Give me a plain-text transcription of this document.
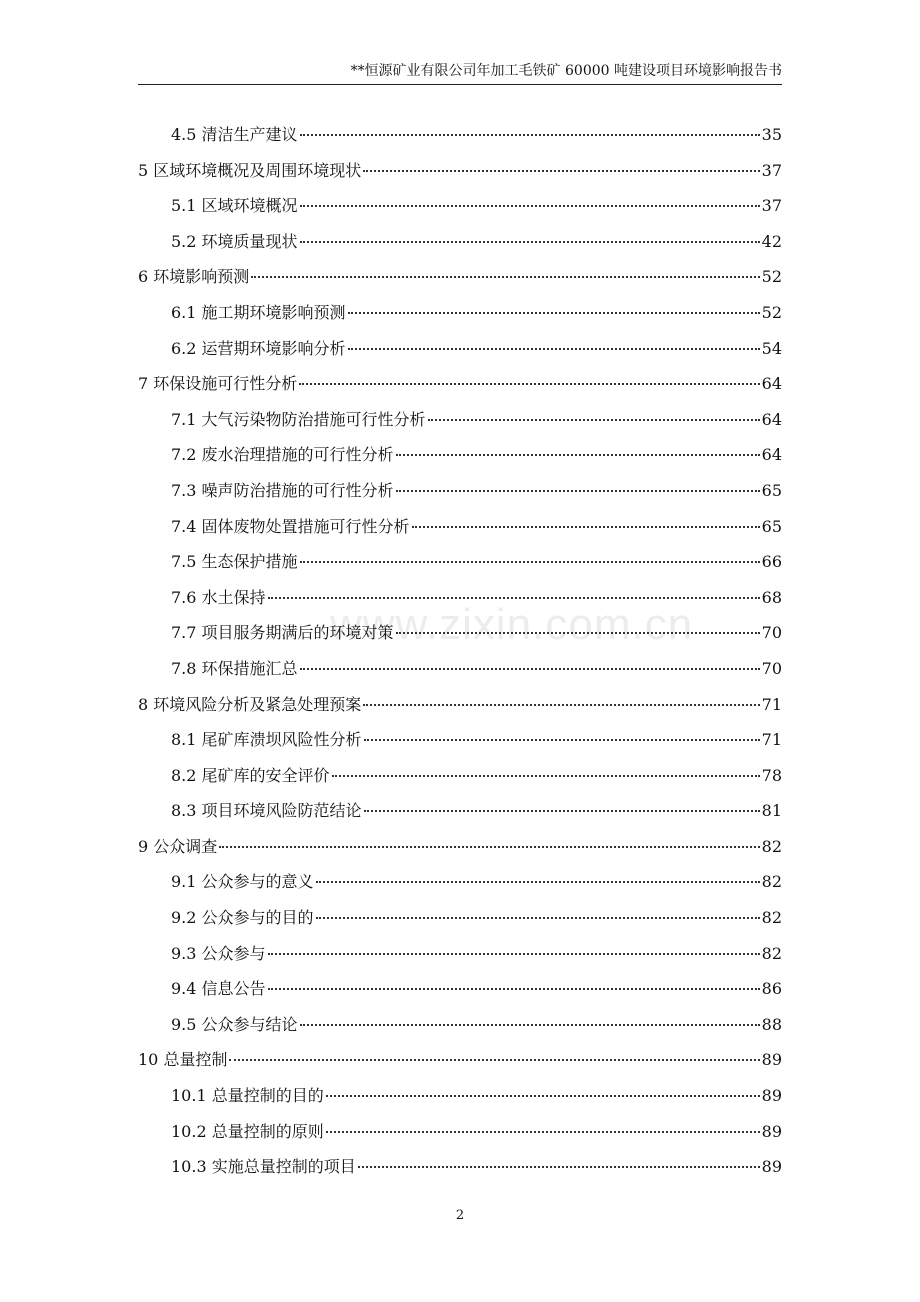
**恒源矿业有限公司年加工毛铁矿 60000 吨建设项目环境影响报告书
www.zixin.com.cn
4.5 清洁生产建议	35
5 区域环境概况及周围环境现状	37
5.1 区域环境概况	37
5.2 环境质量现状	42
6 环境影响预测	52
6.1 施工期环境影响预测	52
6.2 运营期环境影响分析	54
7 环保设施可行性分析	64
7.1 大气污染物防治措施可行性分析	64
7.2 废水治理措施的可行性分析	64
7.3 噪声防治措施的可行性分析	65
7.4 固体废物处置措施可行性分析	65
7.5 生态保护措施	66
7.6 水土保持	68
7.7 项目服务期满后的环境对策	70
7.8 环保措施汇总	70
8 环境风险分析及紧急处理预案	71
8.1 尾矿库溃坝风险性分析	71
8.2 尾矿库的安全评价	78
8.3 项目环境风险防范结论	81
9 公众调查	82
9.1 公众参与的意义	82
9.2 公众参与的目的	82
9.3 公众参与	82
9.4 信息公告	86
9.5 公众参与结论	88
10 总量控制	89
10.1 总量控制的目的	89
10.2 总量控制的原则	89
10.3 实施总量控制的项目	89
2
